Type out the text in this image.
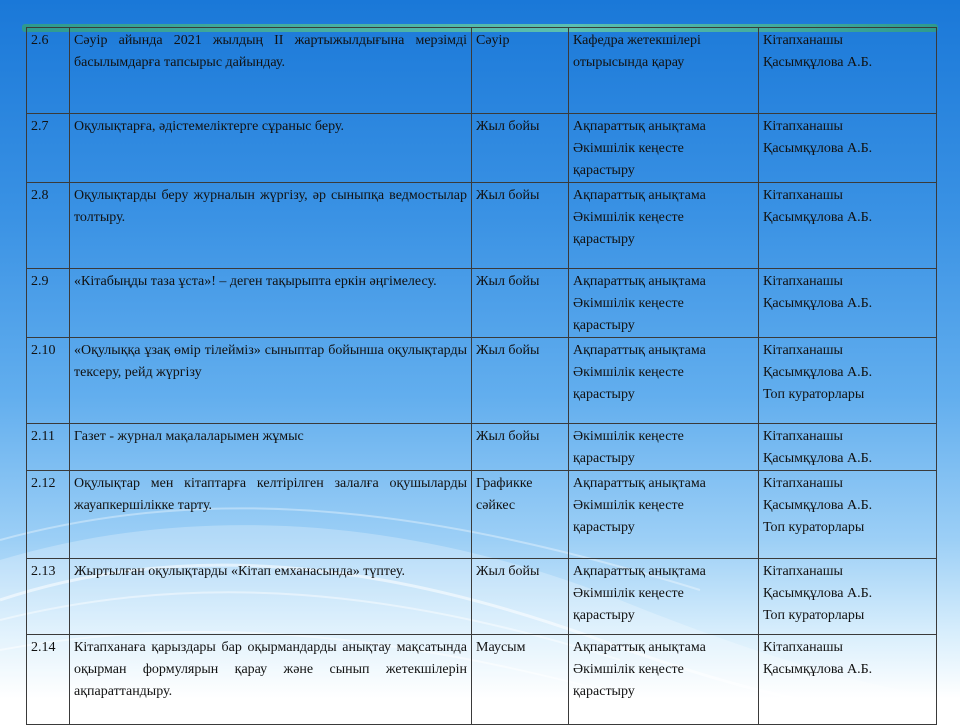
2.6	Сәуір айында 2021 жылдың II жартыжылдығына мерзімді басылымдарға тапсырыс дайындау.	Сәуір	Кафедра жетекшілері
отырысында қарау	Кітапханашы
Қасымқұлова А.Б.

2.7	Оқулықтарға, әдістемеліктерге сұраныс беру.	Жыл бойы	Ақпараттық анықтама
Әкімшілік кеңесте
қарастыру	Кітапханашы
Қасымқұлова А.Б.

2.8	Оқулықтарды беру журналын жүргізу, әр сыныпқа ведмостылар толтыру.	Жыл бойы	Ақпараттық анықтама
Әкімшілік кеңесте
қарастыру	Кітапханашы
Қасымқұлова А.Б.

2.9	«Кітабыңды таза ұста»! – деген тақырыпта еркін әңгімелесу.	Жыл бойы	Ақпараттық анықтама
Әкімшілік кеңесте
қарастыру	Кітапханашы
Қасымқұлова А.Б.

2.10	«Оқулыққа ұзақ өмір тілейміз» сыныптар бойынша оқулықтарды тексеру, рейд жүргізу	Жыл бойы	Ақпараттық анықтама
Әкімшілік кеңесте
қарастыру	Кітапханашы
Қасымқұлова А.Б.
Топ кураторлары

2.11	Газет - журнал мақалаларымен жұмыс	Жыл бойы	Әкімшілік кеңесте
қарастыру	Кітапханашы
Қасымқұлова А.Б.

2.12	Оқулықтар мен кітаптарға келтірілген залалға оқушыларды жауапкершілікке тарту.	Графикке сәйкес	Ақпараттық анықтама
Әкімшілік кеңесте
қарастыру	Кітапханашы
Қасымқұлова А.Б.
Топ кураторлары

2.13	Жыртылған оқулықтарды «Кітап емханасында» түптеу.	Жыл бойы	Ақпараттық анықтама
Әкімшілік кеңесте
қарастыру	Кітапханашы
Қасымқұлова А.Б.
Топ кураторлары

2.14	Кітапханаға қарыздары бар оқырмандарды анықтау мақсатында оқырман формулярын қарау және сынып жетекшілерін ақпараттандыру.	Маусым	Ақпараттық анықтама
Әкімшілік кеңесте
қарастыру	Кітапханашы
Қасымқұлова А.Б.
